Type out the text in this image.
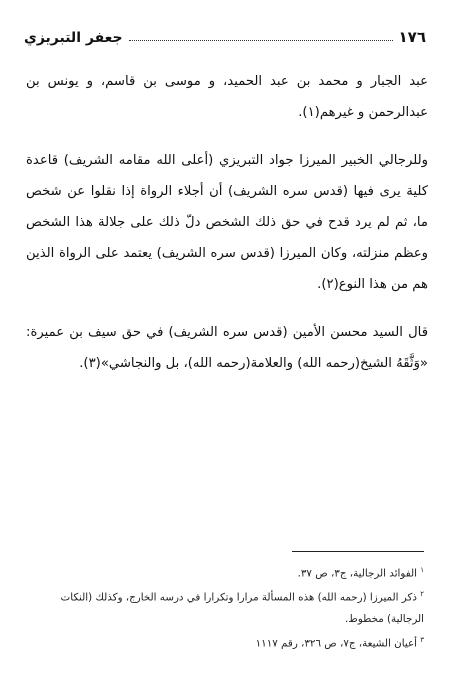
١٧٦
جعفر التبريزي

عبد الجبار و محمد بن عبد الحميد، و موسى بن قاسم، و يونس بن عبدالرحمن و غيرهم(١).

وللرجالي الخبير الميرزا جواد التبريزي (أعلى الله مقامه الشريف) قاعدة كلية يرى فيها (قدس سره الشريف) أن أجلاء الرواة إذا نقلوا عن شخص ما، ثم لم يرد قدح في حق ذلك الشخص دلّ ذلك على جلالة هذا الشخص وعظم منزلته، وكان الميرزا (قدس سره الشريف) يعتمد على الرواة الذين هم من هذا النوع(٢).

قال السيد محسن الأمين (قدس سره الشريف) في حق سيف بن عميرة: «وَثَّقَهُ الشيخ(رحمه الله) والعلامة(رحمه الله)، بل والنجاشي»(٣).

$^١$ الفوائد الرجالية، ج٣، ص ٣٧.

$^٢$ ذكر الميرزا (رحمه الله) هذه المسألة مرارا وتكرارا في درسه الخارج، وكذلك (النكات الرجالية) مخطوط.

$^٣$ أعيان الشيعة، ج٧، ص ٣٢٦، رقم ١١١٧
